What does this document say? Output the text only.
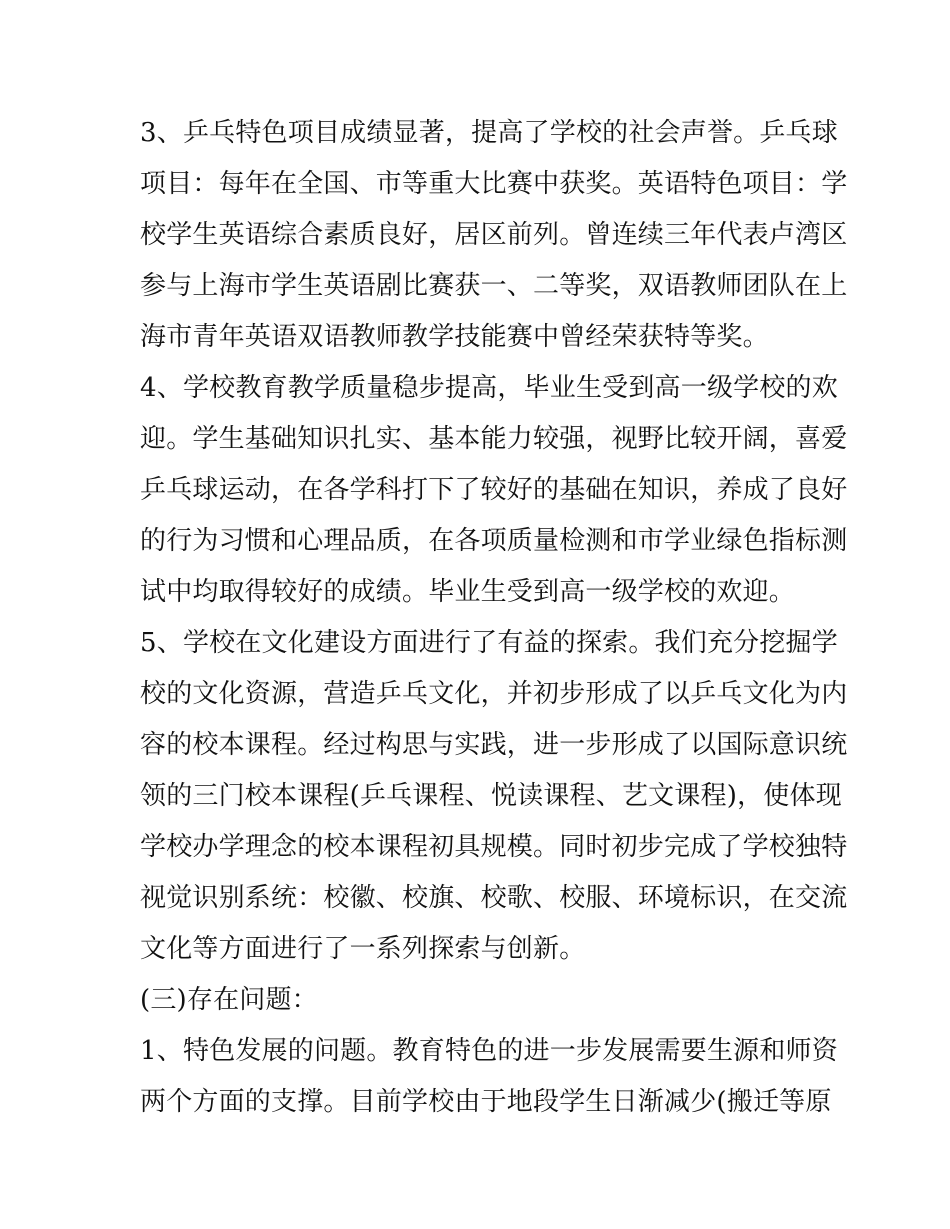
3、乒乓特色项目成绩显著，提高了学校的社会声誉。乒乓球
项目：每年在全国、市等重大比赛中获奖。英语特色项目：学
校学生英语综合素质良好，居区前列。曾连续三年代表卢湾区
参与上海市学生英语剧比赛获一、二等奖，双语教师团队在上
海市青年英语双语教师教学技能赛中曾经荣获特等奖。
4、学校教育教学质量稳步提高，毕业生受到高一级学校的欢
迎。学生基础知识扎实、基本能力较强，视野比较开阔，喜爱
乒乓球运动，在各学科打下了较好的基础在知识，养成了良好
的行为习惯和心理品质，在各项质量检测和市学业绿色指标测
试中均取得较好的成绩。毕业生受到高一级学校的欢迎。
5、学校在文化建设方面进行了有益的探索。我们充分挖掘学
校的文化资源，营造乒乓文化，并初步形成了以乒乓文化为内
容的校本课程。经过构思与实践，进一步形成了以国际意识统
领的三门校本课程(乒乓课程、悦读课程、艺文课程)，使体现
学校办学理念的校本课程初具规模。同时初步完成了学校独特
视觉识别系统：校徽、校旗、校歌、校服、环境标识，在交流
文化等方面进行了一系列探索与创新。
(三)存在问题：
1、特色发展的问题。教育特色的进一步发展需要生源和师资
两个方面的支撑。目前学校由于地段学生日渐减少(搬迁等原
